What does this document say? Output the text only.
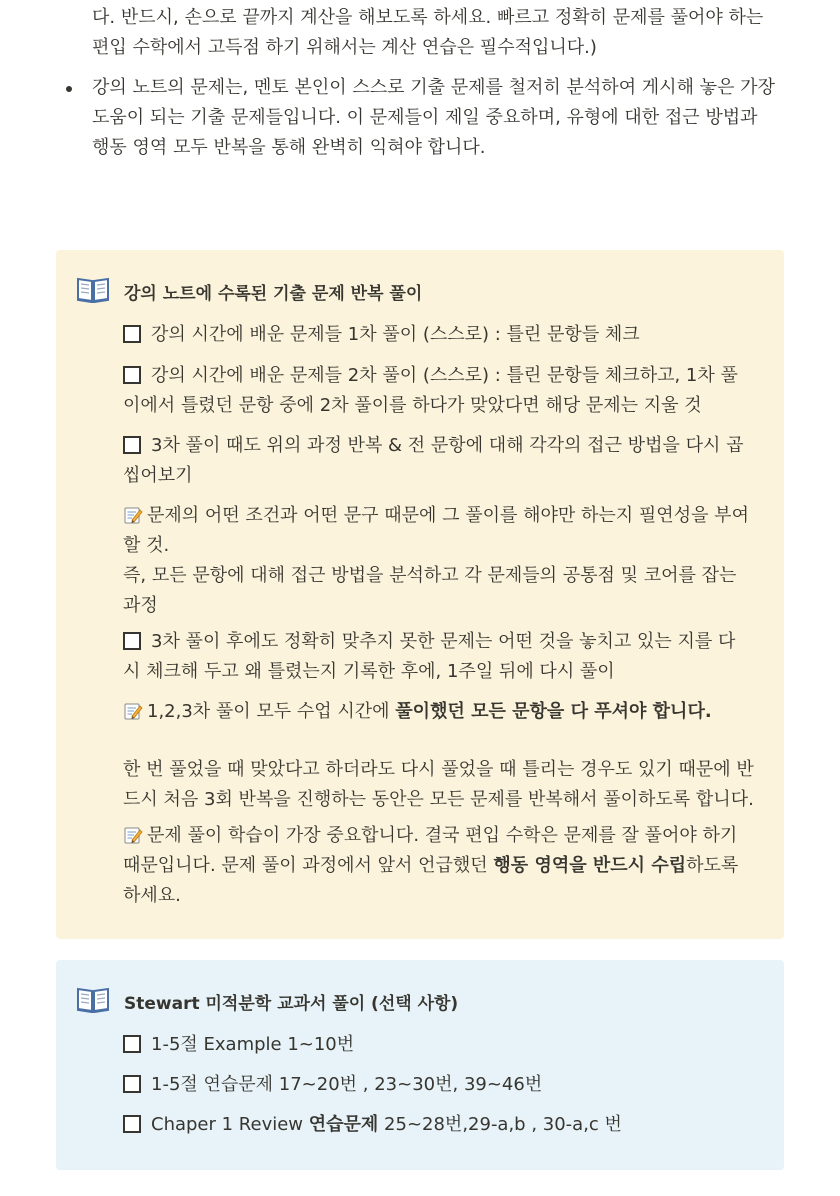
다. 반드시, 손으로 끝까지 계산을 해보도록 하세요. 빠르고 정확히 문제를 풀어야 하는

편입 수학에서 고득점 하기 위해서는 계산 연습은 필수적입니다.)

강의 노트의 문제는, 멘토 본인이 스스로 기출 문제를 철저히 분석하여 게시해 놓은 가장

도움이 되는 기출 문제들입니다. 이 문제들이 제일 중요하며, 유형에 대한 접근 방법과

행동 영역 모두 반복을 통해 완벽히 익혀야 합니다.

강의 노트에 수록된 기출 문제 반복 풀이
강의 시간에 배운 문제들 1차 풀이 (스스로) : 틀린 문항들 체크
강의 시간에 배운 문제들 2차 풀이 (스스로) : 틀린 문항들 체크하고, 1차 풀
이에서 틀렸던 문항 중에 2차 풀이를 하다가 맞았다면 해당 문제는 지울 것
3차 풀이 때도 위의 과정 반복 & 전 문항에 대해 각각의 접근 방법을 다시 곱
씹어보기
문제의 어떤 조건과 어떤 문구 때문에 그 풀이를 해야만 하는지 필연성을 부여
할 것.
즉, 모든 문항에 대해 접근 방법을 분석하고 각 문제들의 공통점 및 코어를 잡는
과정
3차 풀이 후에도 정확히 맞추지 못한 문제는 어떤 것을 놓치고 있는 지를 다
시 체크해 두고 왜 틀렸는지 기록한 후에, 1주일 뒤에 다시 풀이
1,2,3차 풀이 모두 수업 시간에 풀이했던 모든 문항을 다 푸셔야 합니다.
한 번 풀었을 때 맞았다고 하더라도 다시 풀었을 때 틀리는 경우도 있기 때문에 반
드시 처음 3회 반복을 진행하는 동안은 모든 문제를 반복해서 풀이하도록 합니다.
문제 풀이 학습이 가장 중요합니다. 결국 편입 수학은 문제를 잘 풀어야 하기
때문입니다. 문제 풀이 과정에서 앞서 언급했던 행동 영역을 반드시 수립하도록
하세요.
Stewart 미적분학 교과서 풀이 (선택 사항)
1-5절 Example 1~10번
1-5절 연습문제 17~20번 , 23~30번, 39~46번
Chaper 1 Review 연습문제 25~28번,29-a,b , 30-a,c 번
